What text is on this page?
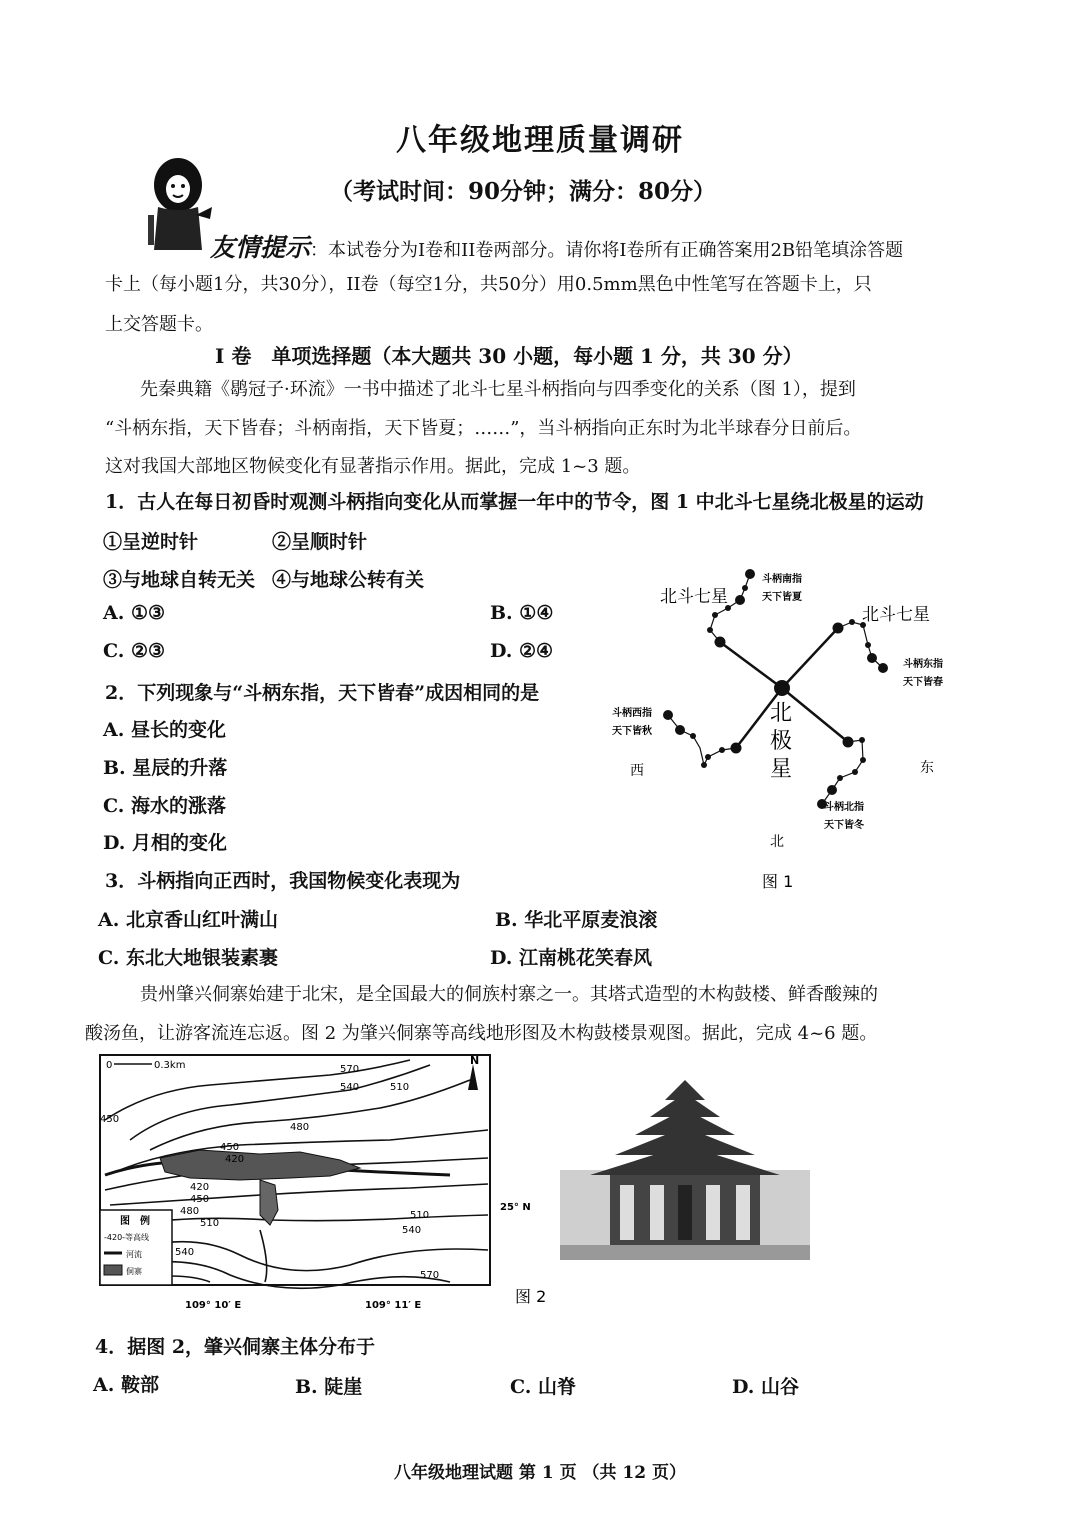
八年级地理质量调研
（考试时间：90分钟；满分：80分）
友情提示：本试卷分为I卷和II卷两部分。请你将I卷所有正确答案用2B铅笔填涂答题
卡上（每小题1分，共30分），II卷（每空1分，共50分）用0.5mm黑色中性笔写在答题卡上，只
上交答题卡。
I 卷　单项选择题（本大题共 30 小题，每小题 1 分，共 30 分）
先秦典籍《鹖冠子·环流》一书中描述了北斗七星斗柄指向与四季变化的关系（图 1），提到
“斗柄东指，天下皆春；斗柄南指，天下皆夏；……”，当斗柄指向正东时为北半球春分日前后。
这对我国大部地区物候变化有显著指示作用。据此，完成 1~3 题。
1．古人在每日初昏时观测斗柄指向变化从而掌握一年中的节令，图 1 中北斗七星绕北极星的运动
①呈逆时针	②呈顺时针
③与地球自转无关 ④与地球公转有关
A. ①③	B. ①④
C. ②③	D. ②④
2．下列现象与“斗柄东指，天下皆春”成因相同的是
A. 昼长的变化
B. 星辰的升落
C. 海水的涨落
D. 月相的变化
3．斗柄指向正西时，我国物候变化表现为
A. 北京香山红叶满山	B. 华北平原麦浪滚
C. 东北大地银装素裹	D. 江南桃花笑春风
北斗七星
北斗七星
斗柄南指
天下皆夏
斗柄东指
天下皆春
斗柄西指
天下皆秋
斗柄北指
天下皆冬
北
极
星
西	东
北
图 1
贵州肇兴侗寨始建于北宋，是全国最大的侗族村寨之一。其塔式造型的木构鼓楼、鲜香酸辣的
酸汤鱼，让游客流连忘返。图 2 为肇兴侗寨等高线地形图及木构鼓楼景观图。据此，完成 4~6 题。
N
0	0.3km	570
540	510
480
450
450
420
420
450
480
510
540
510
540
570
图　例
-420-等高线
河流
侗寨
25° N
109° 10′ E	109° 11′ E	图 2
4．据图 2，肇兴侗寨主体分布于
A. 鞍部	B. 陡崖	C. 山脊	D. 山谷
八年级地理试题 第 1 页 （共 12 页）
